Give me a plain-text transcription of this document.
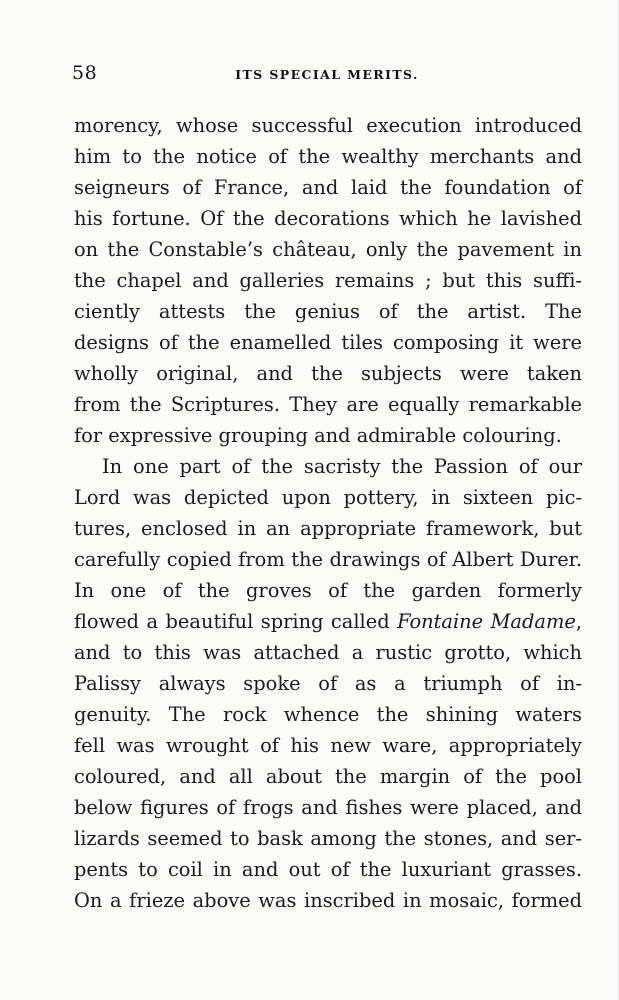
58	ITS SPECIAL MERITS.
morency, whose successful execution introduced
him to the notice of the wealthy merchants and
seigneurs of France, and laid the foundation of
his fortune. Of the decorations which he lavished
on the Constable’s château, only the pavement in
the chapel and galleries remains ; but this suffi-
ciently attests the genius of the artist. The
designs of the enamelled tiles composing it were
wholly original, and the subjects were taken
from the Scriptures. They are equally remarkable
for expressive grouping and admirable colouring.
In one part of the sacristy the Passion of our
Lord was depicted upon pottery, in sixteen pic-
tures, enclosed in an appropriate framework, but
carefully copied from the drawings of Albert Durer.
In one of the groves of the garden formerly
flowed a beautiful spring called Fontaine Madame,
and to this was attached a rustic grotto, which
Palissy always spoke of as a triumph of in-
genuity. The rock whence the shining waters
fell was wrought of his new ware, appropriately
coloured, and all about the margin of the pool
below figures of frogs and fishes were placed, and
lizards seemed to bask among the stones, and ser-
pents to coil in and out of the luxuriant grasses.
On a frieze above was inscribed in mosaic, formed
